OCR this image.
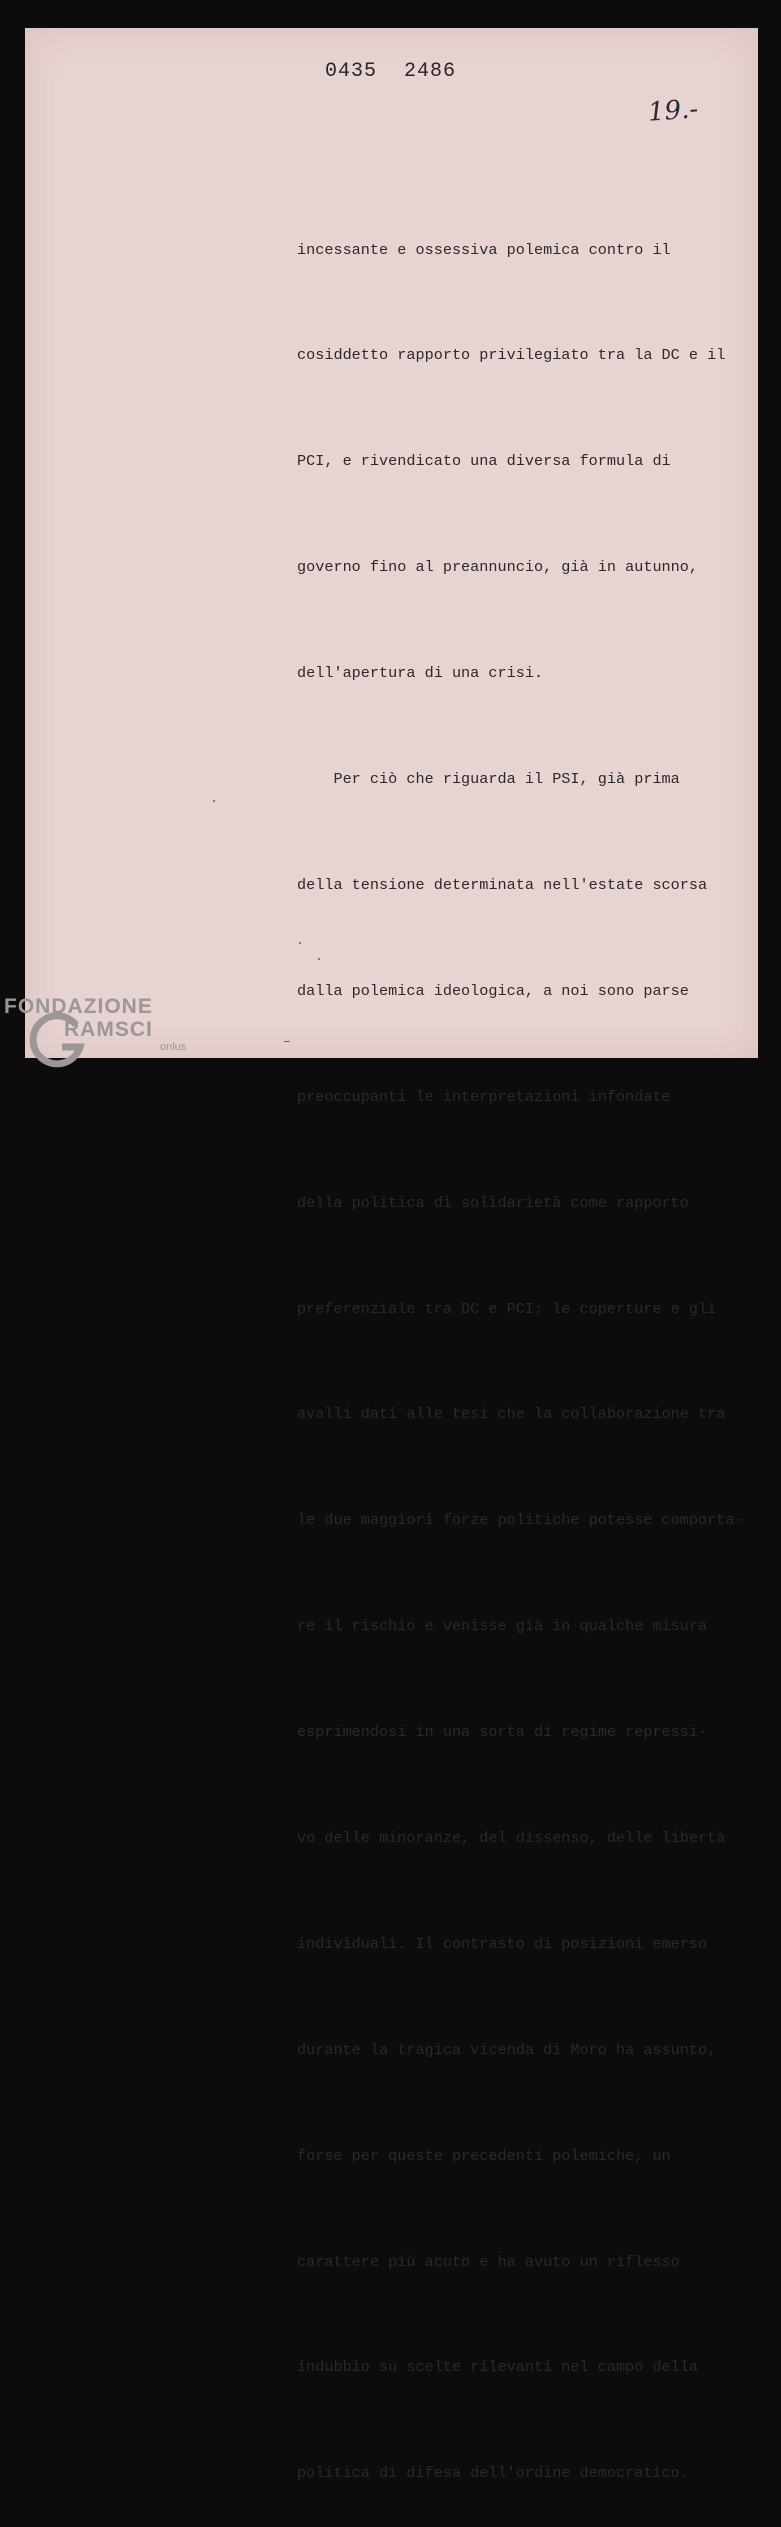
0435 2486
19.-

incessante e ossessiva polemica contro il

cosiddetto rapporto privilegiato tra la DC e il

PCI, e rivendicato una diversa formula di

governo fino al preannuncio, già in autunno,

dell'apertura di una crisi.

Per ciò che riguarda il PSI, già prima

della tensione determinata nell'estate scorsa

dalla polemica ideologica, a noi sono parse

preoccupanti le interpretazioni infondate

della politica di solidarietà come rapporto

preferenziale tra DC e PCI; le coperture e gli

avalli dati alle tesi che la collaborazione tra

le due maggiori forze politiche potesse comporta-

re il rischio e venisse già in qualche misura

esprimendosi in una sorta di regime repressi-

vo delle minoranze, del dissenso, delle libertà

individuali. Il contrasto di posizioni emerso

durante la tragica vicenda di Moro ha assunto,

forse per queste precedenti polemiche, un

carattere più acuto e ha avuto un riflesso

indubbio su scelte rilevanti nel campo della

politica di difesa dell'ordine democratico.

FONDAZIONE
RAMSCI
onlus
